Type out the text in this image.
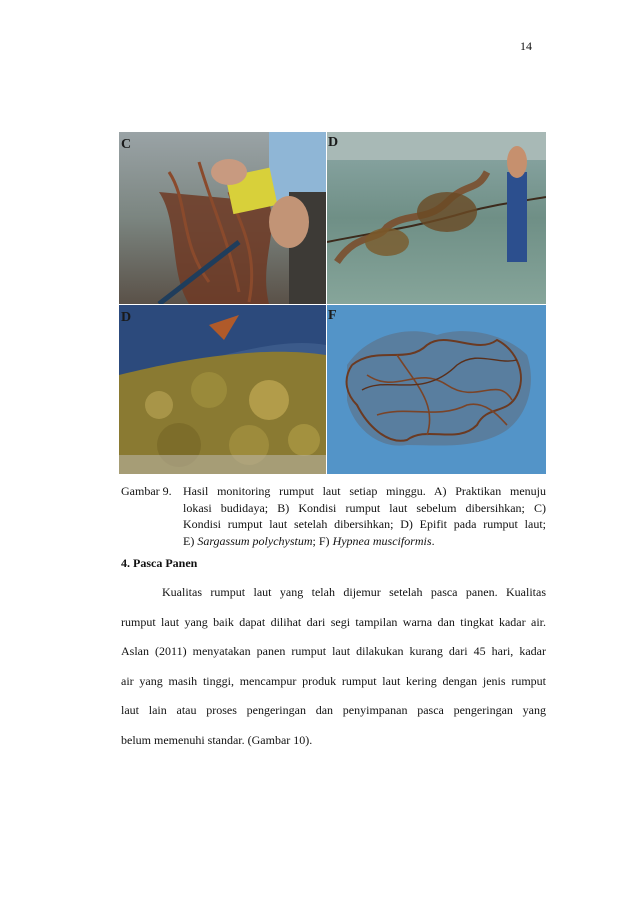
14
C	D
D	F
Gambar 9. Hasil monitoring rumput laut setiap minggu. A) Praktikan menuju
lokasi budidaya; B) Kondisi rumput laut sebelum dibersihkan; C)
Kondisi rumput laut setelah dibersihkan; D) Epifit pada rumput laut;
E) Sargassum polychystum; F) Hypnea musciformis.
4. Pasca Panen
Kualitas rumput laut yang telah dijemur setelah pasca panen. Kualitas
rumput laut yang baik dapat dilihat dari segi tampilan warna dan tingkat kadar air.
Aslan (2011) menyatakan panen rumput laut dilakukan kurang dari 45 hari, kadar
air yang masih tinggi, mencampur produk rumput laut kering dengan jenis rumput
laut lain atau proses pengeringan dan penyimpanan pasca pengeringan yang
belum memenuhi standar. (Gambar 10).
